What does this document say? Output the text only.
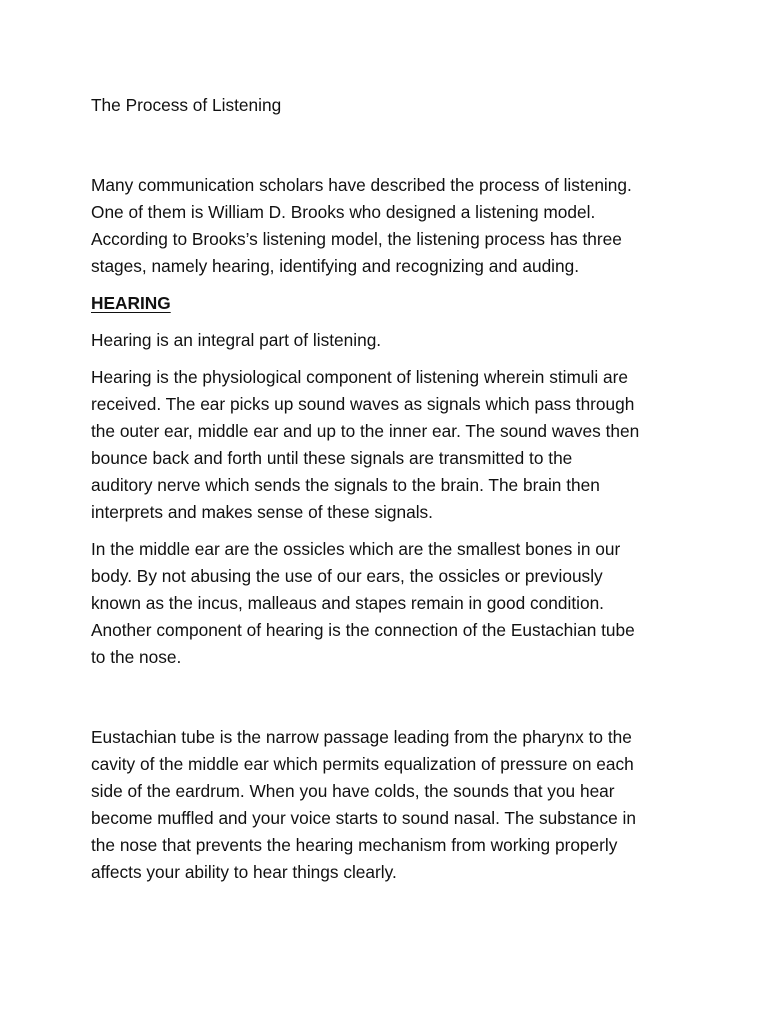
The Process of Listening

Many communication scholars have described the process of listening.
One of them is William D. Brooks who designed a listening model.
According to Brooks’s listening model, the listening process has three
stages, namely hearing, identifying and recognizing and auding.

HEARING

Hearing is an integral part of listening.

Hearing is the physiological component of listening wherein stimuli are
received. The ear picks up sound waves as signals which pass through
the outer ear, middle ear and up to the inner ear. The sound waves then
bounce back and forth until these signals are transmitted to the
auditory nerve which sends the signals to the brain. The brain then
interprets and makes sense of these signals.

In the middle ear are the ossicles which are the smallest bones in our
body. By not abusing the use of our ears, the ossicles or previously
known as the incus, malleaus and stapes remain in good condition.
Another component of hearing is the connection of the Eustachian tube
to the nose.

Eustachian tube is the narrow passage leading from the pharynx to the
cavity of the middle ear which permits equalization of pressure on each
side of the eardrum. When you have colds, the sounds that you hear
become muffled and your voice starts to sound nasal. The substance in
the nose that prevents the hearing mechanism from working properly
affects your ability to hear things clearly.
